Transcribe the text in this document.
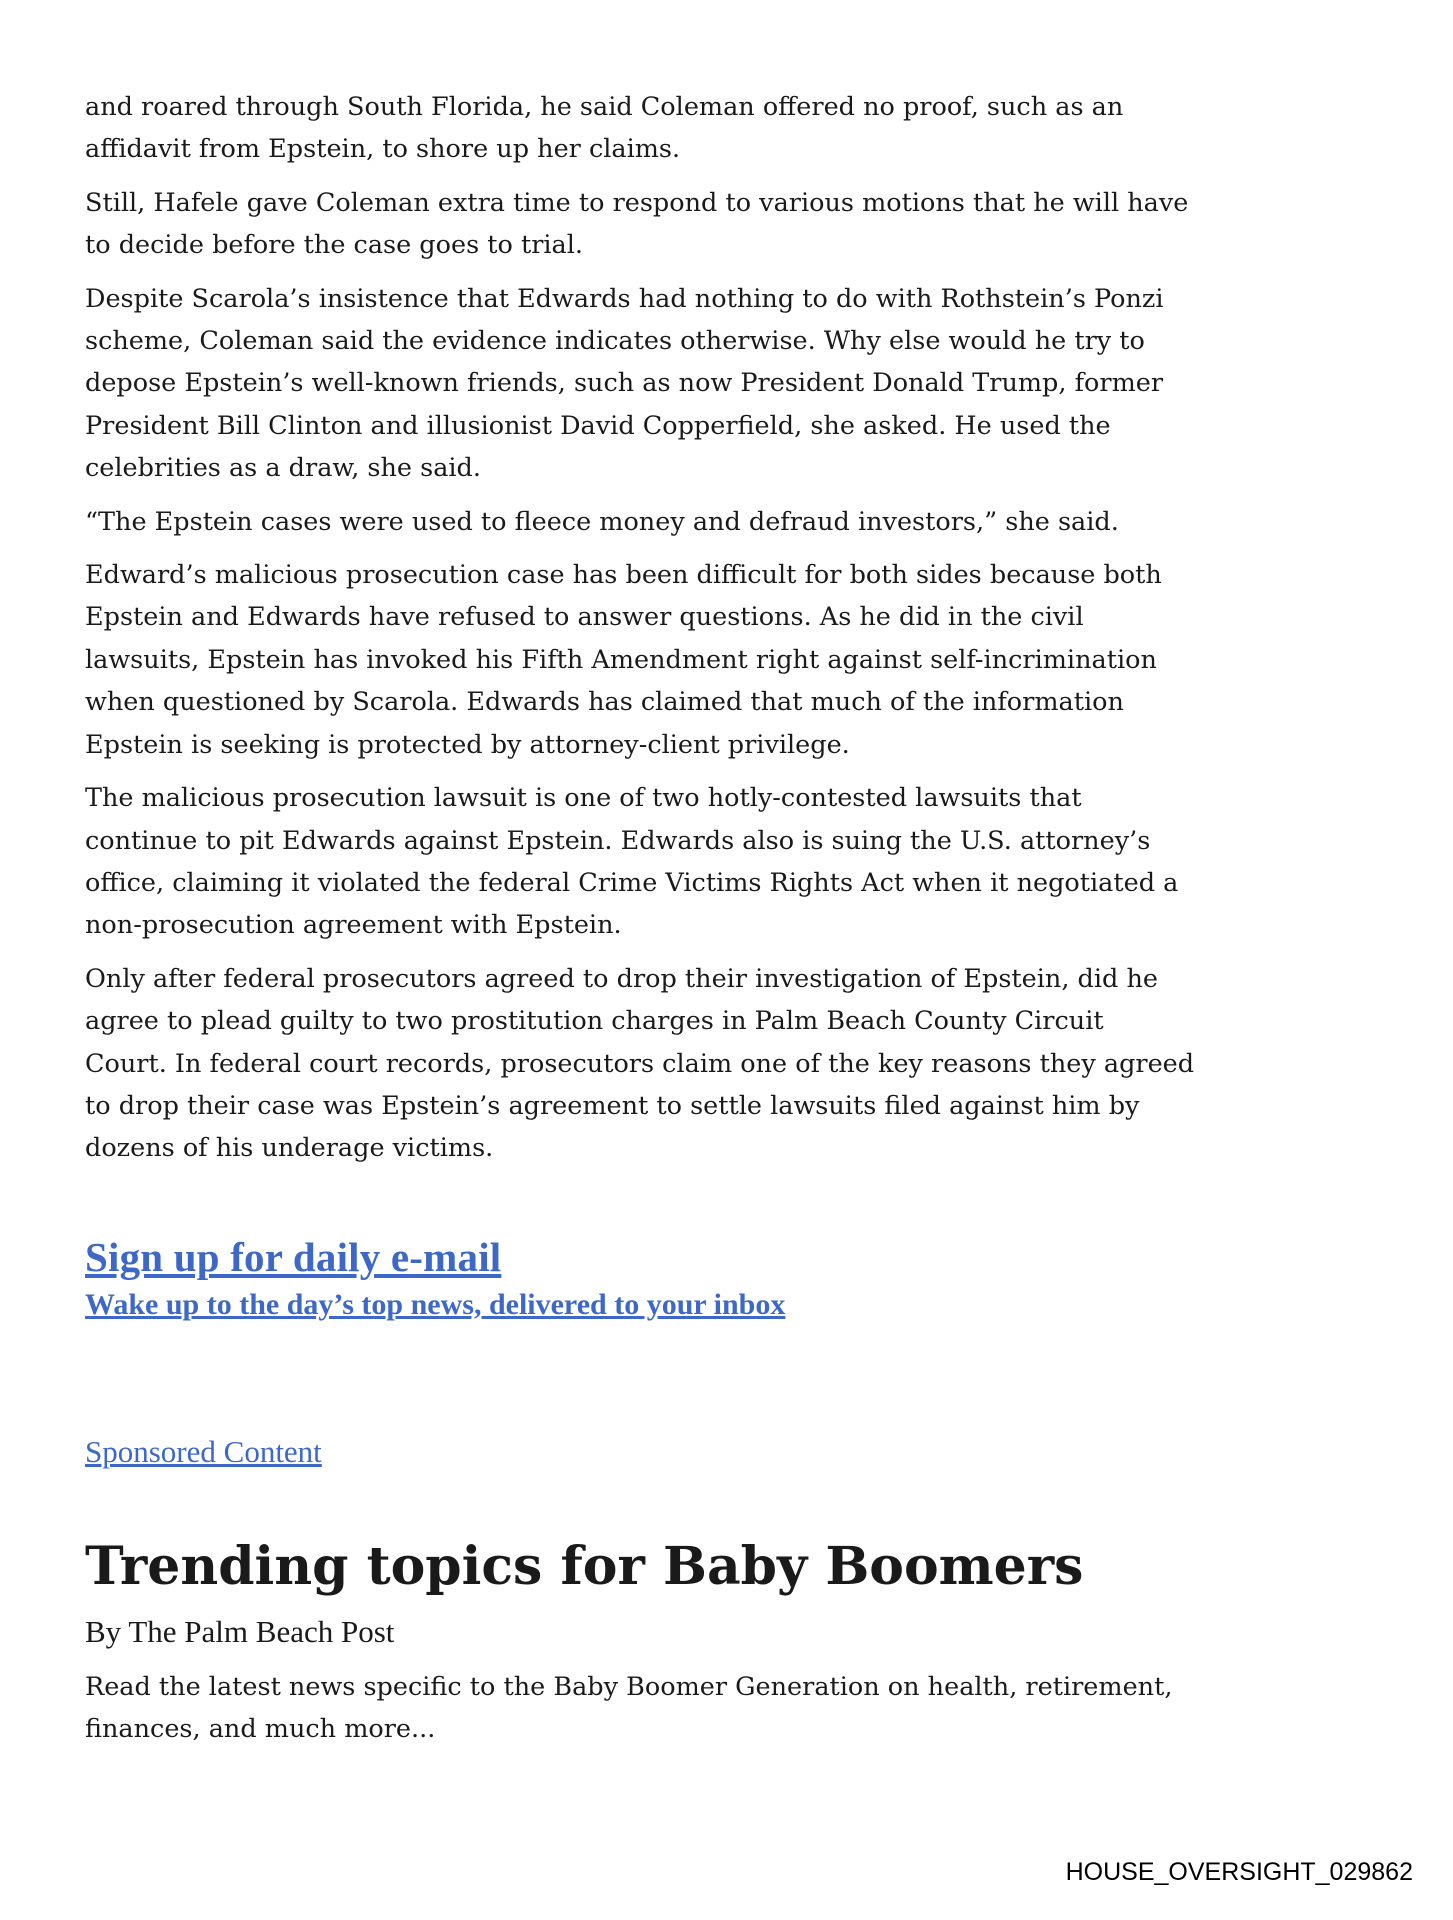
and roared through South Florida, he said Coleman offered no proof, such as an
affidavit from Epstein, to shore up her claims.
Still, Hafele gave Coleman extra time to respond to various motions that he will have
to decide before the case goes to trial.
Despite Scarola’s insistence that Edwards had nothing to do with Rothstein’s Ponzi
scheme, Coleman said the evidence indicates otherwise. Why else would he try to
depose Epstein’s well-known friends, such as now President Donald Trump, former
President Bill Clinton and illusionist David Copperfield, she asked. He used the
celebrities as a draw, she said.
“The Epstein cases were used to fleece money and defraud investors,” she said.
Edward’s malicious prosecution case has been difficult for both sides because both
Epstein and Edwards have refused to answer questions. As he did in the civil
lawsuits, Epstein has invoked his Fifth Amendment right against self-incrimination
when questioned by Scarola. Edwards has claimed that much of the information
Epstein is seeking is protected by attorney-client privilege.
The malicious prosecution lawsuit is one of two hotly-contested lawsuits that
continue to pit Edwards against Epstein. Edwards also is suing the U.S. attorney’s
office, claiming it violated the federal Crime Victims Rights Act when it negotiated a
non-prosecution agreement with Epstein.
Only after federal prosecutors agreed to drop their investigation of Epstein, did he
agree to plead guilty to two prostitution charges in Palm Beach County Circuit
Court. In federal court records, prosecutors claim one of the key reasons they agreed
to drop their case was Epstein’s agreement to settle lawsuits filed against him by
dozens of his underage victims.
Sign up for daily e-mail
Wake up to the day’s top news, delivered to your inbox
Sponsored Content
Trending topics for Baby Boomers
By The Palm Beach Post
Read the latest news specific to the Baby Boomer Generation on health, retirement,
finances, and much more...
HOUSE_OVERSIGHT_029862
